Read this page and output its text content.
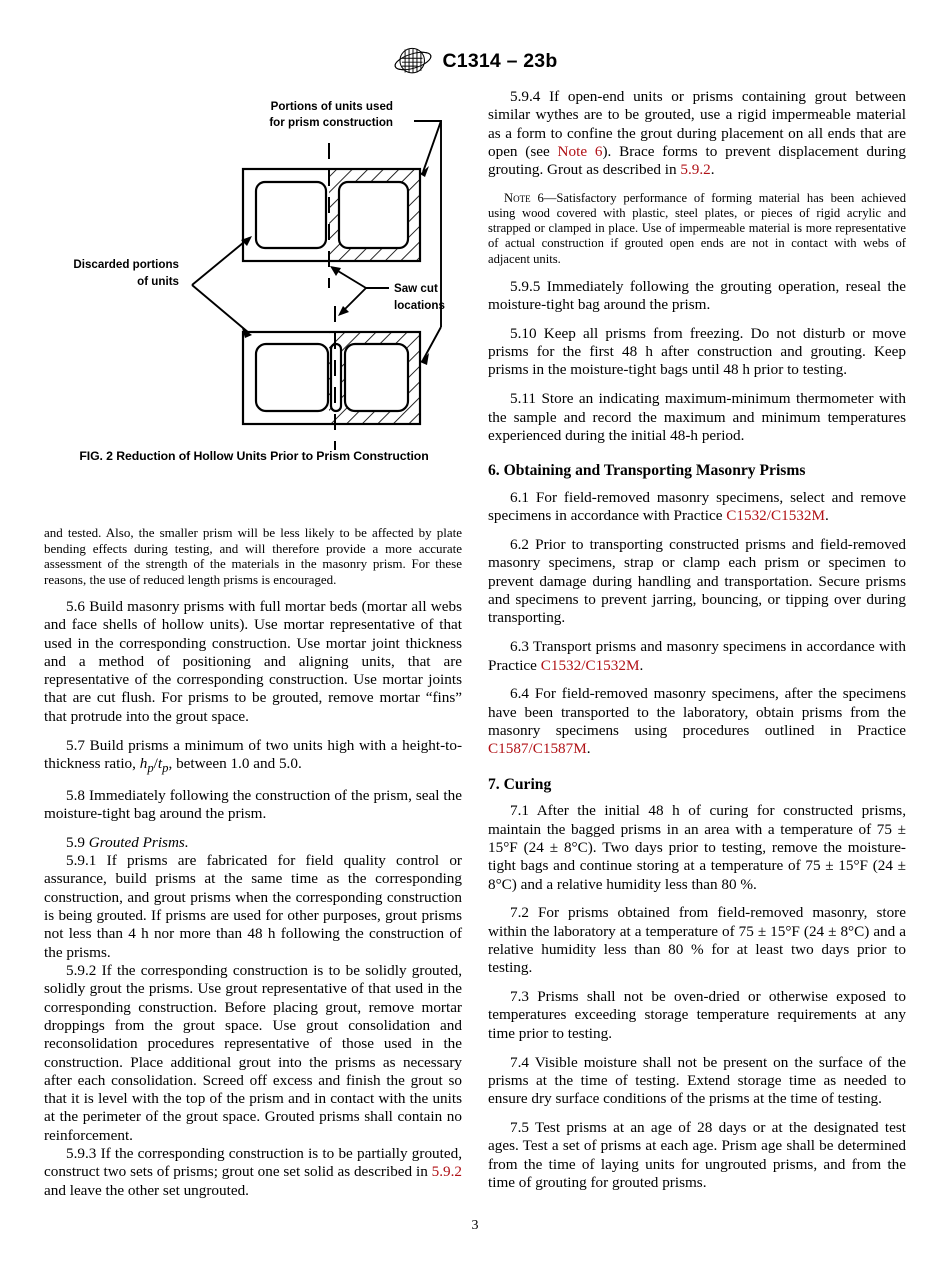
C1314 – 23b
Portions of units used
for prism construction
Discarded portions
of units
Saw cut
locations
FIG. 2 Reduction of Hollow Units Prior to Prism Construction

and tested. Also, the smaller prism will be less likely to be affected by plate bending effects during testing, and will therefore provide a more accurate assessment of the strength of the materials in the masonry prism. For these reasons, the use of reduced length prisms is encouraged.

5.6 Build masonry prisms with full mortar beds (mortar all webs and face shells of hollow units). Use mortar representative of that used in the corresponding construction. Use mortar joint thickness and a method of positioning and aligning units, that are representative of the corresponding construction. Use mortar joints that are cut flush. For prisms to be grouted, remove mortar “fins” that protrude into the grout space.

5.7 Build prisms a minimum of two units high with a height-to-thickness ratio, $h_p/t_p$, between 1.0 and 5.0.

5.8 Immediately following the construction of the prism, seal the moisture-tight bag around the prism.

5.9 Grouted Prisms.

5.9.1 If prisms are fabricated for field quality control or assurance, build prisms at the same time as the corresponding construction, and grout prisms when the corresponding construction is being grouted. If prisms are used for other purposes, grout prisms not less than 4 h nor more than 48 h following the construction of the prisms.

5.9.2 If the corresponding construction is to be solidly grouted, solidly grout the prisms. Use grout representative of that used in the corresponding construction. Before placing grout, remove mortar droppings from the grout space. Use grout consolidation and reconsolidation procedures representative of those used in the construction. Place additional grout into the prisms as necessary after each consolidation. Screed off excess and finish the grout so that it is level with the top of the prism and in contact with the units at the perimeter of the grout space. Grouted prisms shall contain no reinforcement.

5.9.3 If the corresponding construction is to be partially grouted, construct two sets of prisms; grout one set solid as described in 5.9.2 and leave the other set ungrouted.

5.9.4 If open-end units or prisms containing grout between similar wythes are to be grouted, use a rigid impermeable material as a form to confine the grout during placement on all ends that are open (see Note 6). Brace forms to prevent displacement during grouting. Grout as described in 5.9.2.

Note 6—Satisfactory performance of forming material has been achieved using wood covered with plastic, steel plates, or pieces of rigid acrylic and strapped or clamped in place. Use of impermeable material is more representative of actual construction if grouted open ends are not in contact with webs of adjacent units.

5.9.5 Immediately following the grouting operation, reseal the moisture-tight bag around the prism.

5.10 Keep all prisms from freezing. Do not disturb or move prisms for the first 48 h after construction and grouting. Keep prisms in the moisture-tight bags until 48 h prior to testing.

5.11 Store an indicating maximum-minimum thermometer with the sample and record the maximum and minimum temperatures experienced during the initial 48-h period.

6. Obtaining and Transporting Masonry Prisms

6.1 For field-removed masonry specimens, select and remove specimens in accordance with Practice C1532/C1532M.

6.2 Prior to transporting constructed prisms and field-removed masonry specimens, strap or clamp each prism or specimen to prevent damage during handling and transportation. Secure prisms and specimens to prevent jarring, bouncing, or tipping over during transporting.

6.3 Transport prisms and masonry specimens in accordance with Practice C1532/C1532M.

6.4 For field-removed masonry specimens, after the specimens have been transported to the laboratory, obtain prisms from the masonry specimens using procedures outlined in Practice C1587/C1587M.

7. Curing

7.1 After the initial 48 h of curing for constructed prisms, maintain the bagged prisms in an area with a temperature of 75 ± 15°F (24 ± 8°C). Two days prior to testing, remove the moisture-tight bags and continue storing at a temperature of 75 ± 15°F (24 ± 8°C) and a relative humidity less than 80 %.

7.2 For prisms obtained from field-removed masonry, store within the laboratory at a temperature of 75 ± 15°F (24 ± 8°C) and a relative humidity less than 80 % for at least two days prior to testing.

7.3 Prisms shall not be oven-dried or otherwise exposed to temperatures exceeding storage temperature requirements at any time prior to testing.

7.4 Visible moisture shall not be present on the surface of the prisms at the time of testing. Extend storage time as needed to ensure dry surface conditions of the prisms at the time of testing.

7.5 Test prisms at an age of 28 days or at the designated test ages. Test a set of prisms at each age. Prism age shall be determined from the time of laying units for ungrouted prisms, and from the time of grouting for grouted prisms.

3
